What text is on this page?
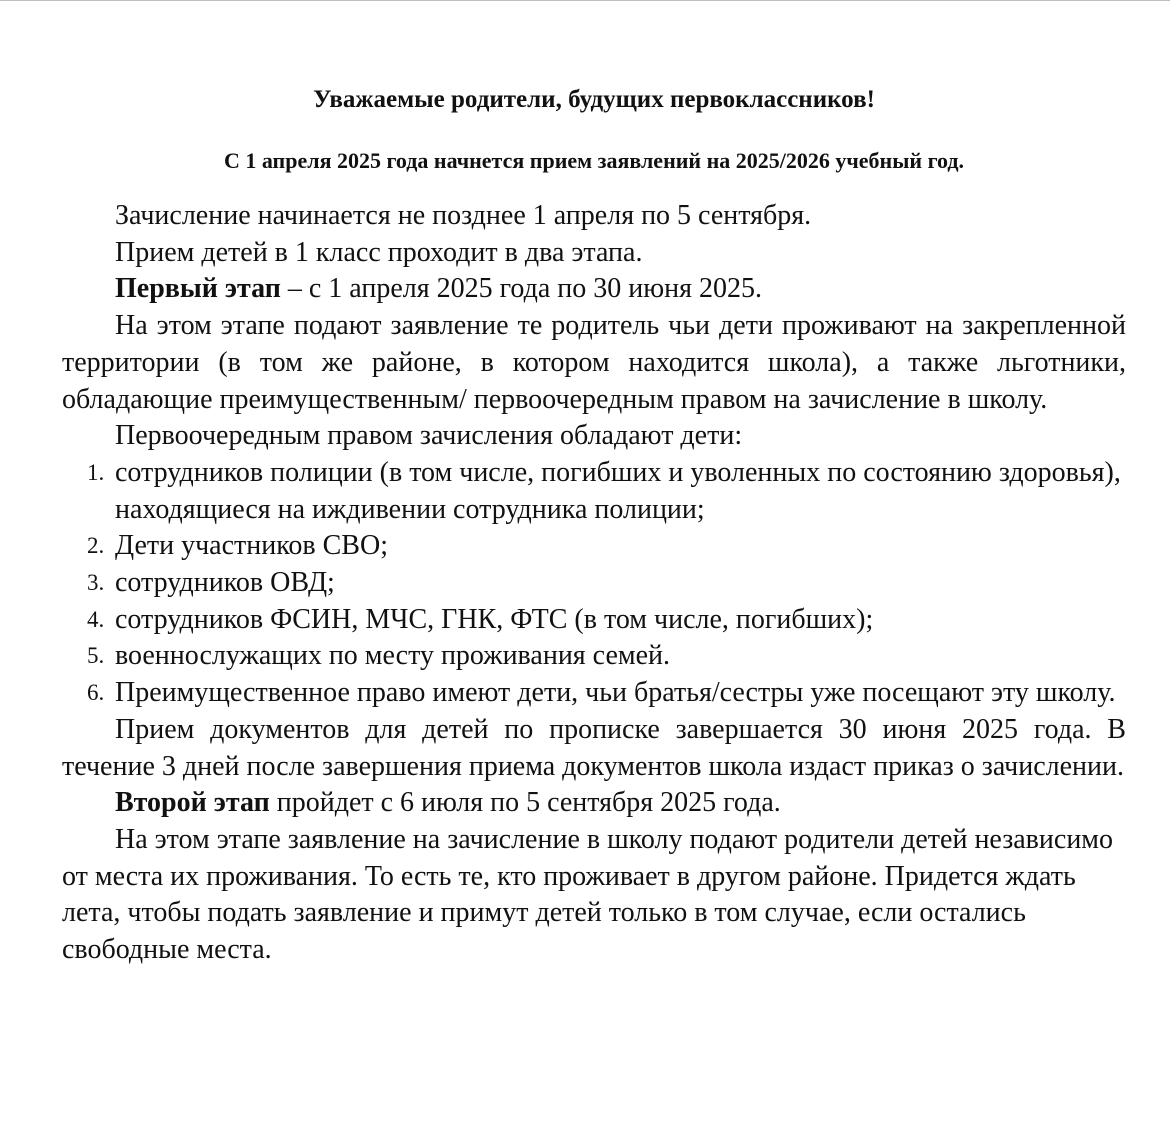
Уважаемые родители, будущих первоклассников!
С 1 апреля 2025 года начнется прием заявлений на 2025/2026 учебный год.

Зачисление начинается не позднее 1 апреля по 5 сентября.

Прием детей в 1 класс проходит в два этапа.

Первый этап – с 1 апреля 2025 года по 30 июня 2025.

На этом этапе подают заявление те родитель чьи дети проживают на закрепленной территории (в том же районе, в котором находится школа), а также льготники, обладающие преимущественным/ первоочередным правом на зачисление в школу.

Первоочередным правом зачисления обладают дети:

1. сотрудников полиции (в том числе, погибших и уволенных по состоянию здоровья), находящиеся на иждивении сотрудника полиции;
2. Дети участников СВО;
3. сотрудников ОВД;
4. сотрудников ФСИН, МЧС, ГНК, ФТС (в том числе, погибших);
5. военнослужащих по месту проживания семей.
6. Преимущественное право имеют дети, чьи братья/сестры уже посещают эту школу.

Прием документов для детей по прописке завершается 30 июня 2025 года. В течение 3 дней после завершения приема документов школа издаст приказ о зачислении.

Второй этап пройдет с 6 июля по 5 сентября 2025 года.

На этом этапе заявление на зачисление в школу подают родители детей независимо от места их проживания. То есть те, кто проживает в другом районе. Придется ждать лета, чтобы подать заявление и примут детей только в том случае, если остались свободные места.
